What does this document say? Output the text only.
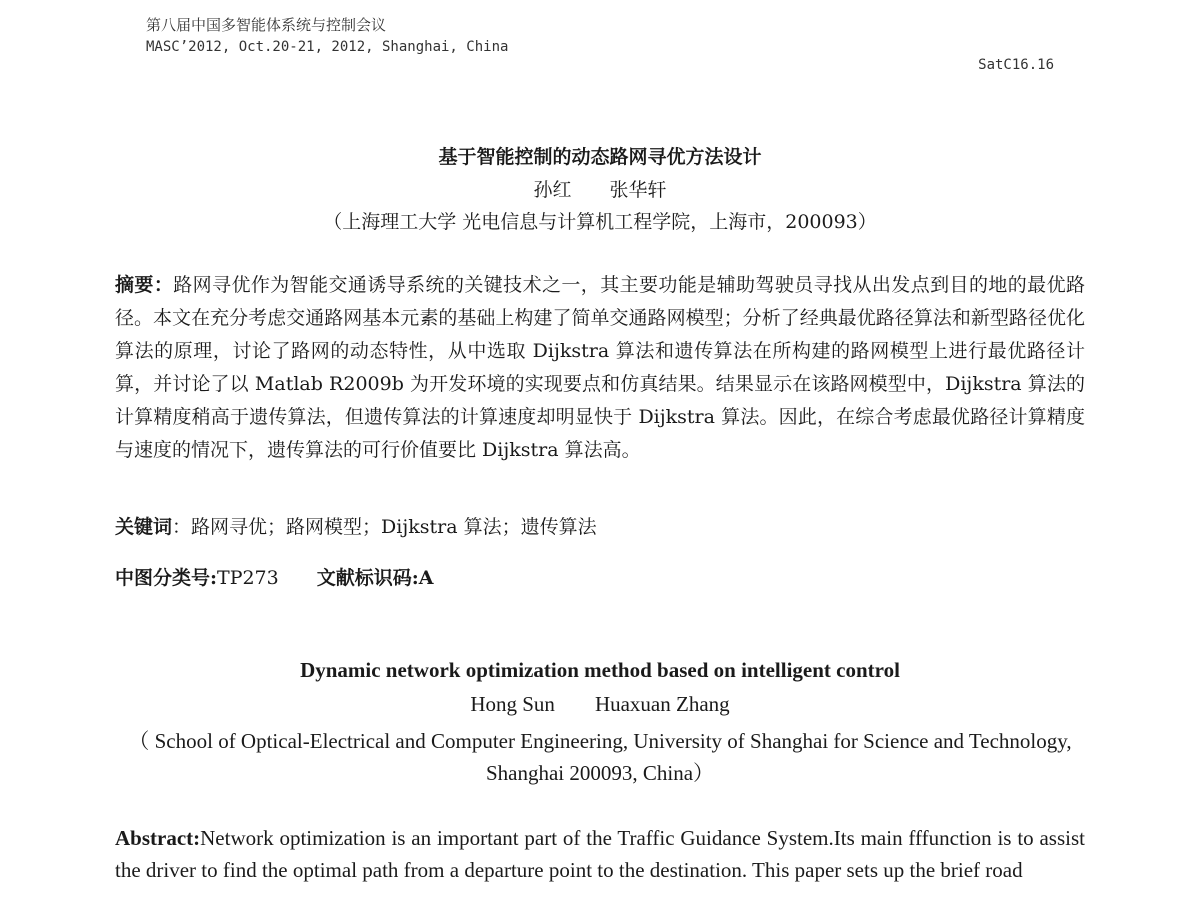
第八届中国多智能体系统与控制会议
MASC’2012, Oct.20-21, 2012, Shanghai, China
SatC16.16
基于智能控制的动态路网寻优方法设计
孙红 张华轩
（上海理工大学 光电信息与计算机工程学院，上海市，200093）
摘要：路网寻优作为智能交通诱导系统的关键技术之一，其主要功能是辅助驾驶员寻找从出发点到目的地的最优路径。本文在充分考虑交通路网基本元素的基础上构建了简单交通路网模型；分析了经典最优路径算法和新型路径优化算法的原理，讨论了路网的动态特性，从中选取 Dijkstra 算法和遗传算法在所构建的路网模型上进行最优路径计算，并讨论了以 Matlab R2009b 为开发环境的实现要点和仿真结果。结果显示在该路网模型中，Dijkstra 算法的计算精度稍高于遗传算法，但遗传算法的计算速度却明显快于 Dijkstra 算法。因此，在综合考虑最优路径计算精度与速度的情况下，遗传算法的可行价值要比 Dijkstra 算法高。
关键词：路网寻优；路网模型；Dijkstra 算法；遗传算法
中图分类号:TP273 文献标识码:A
Dynamic network optimization method based on intelligent control
Hong Sun Huaxuan Zhang
（ School of Optical-Electrical and Computer Engineering, University of Shanghai for Science and Technology, Shanghai 200093, China）
Abstract:Network optimization is an important part of the Traffic Guidance System.Its main fffunction is to assist the driver to find the optimal path from a departure point to the destination. This paper sets up the brief road
